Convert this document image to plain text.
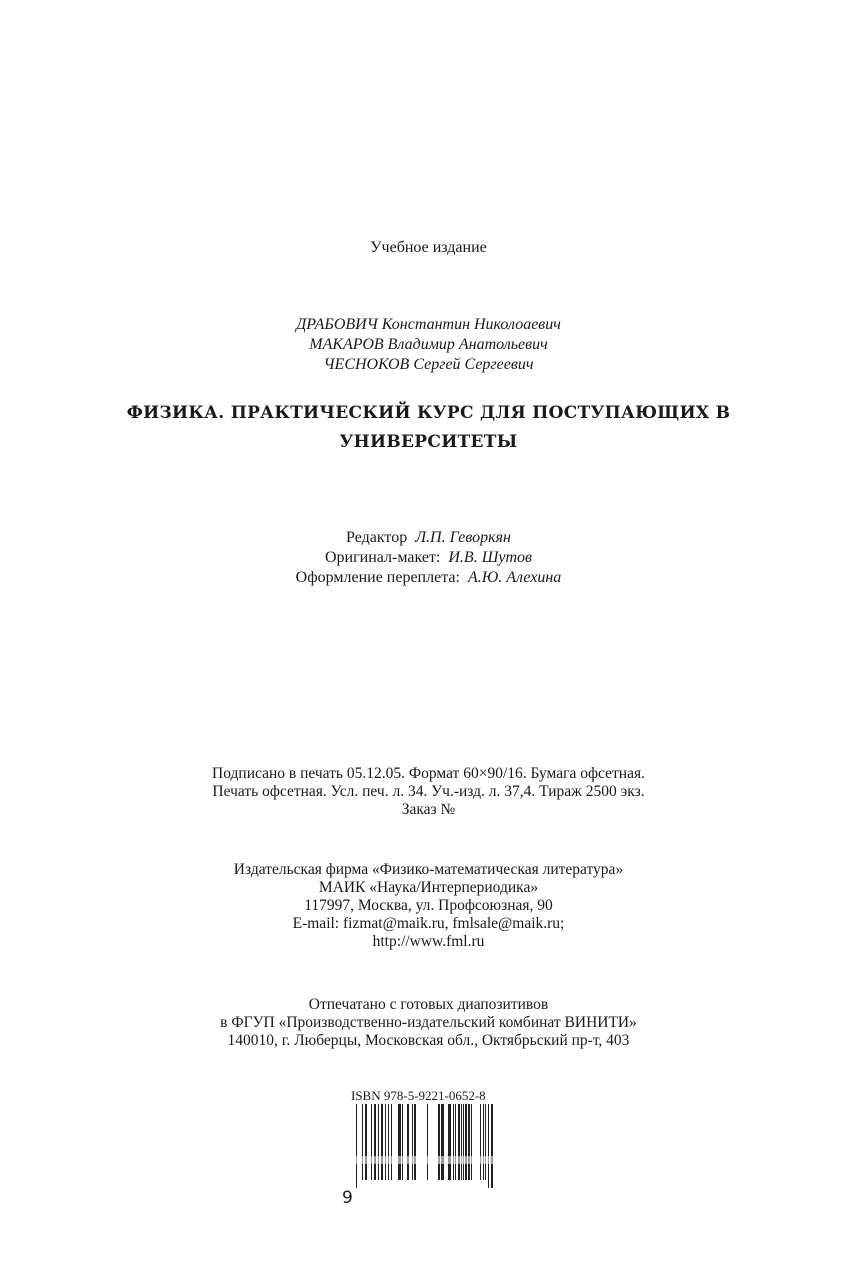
Учебное издание
ДРАБОВИЧ Константин Николоаевич
МАКАРОВ Владимир Анатольевич
ЧЕСНОКОВ Сергей Сергеевич
ФИЗИКА. ПРАКТИЧЕСКИЙ КУРС ДЛЯ ПОСТУПАЮЩИХ В
УНИВЕРСИТЕТЫ
Редактор Л.П. Геворкян
Оригинал-макет: И.В. Шутов
Оформление переплета: А.Ю. Алехина
Подписано в печать 05.12.05. Формат 60×90/16. Бумага офсетная.
Печать офсетная. Усл. печ. л. 34. Уч.-изд. л. 37,4. Тираж 2500 экз.
Заказ №
Издательская фирма «Физико-математическая литература»
МАИК «Наука/Интерпериодика»
117997, Москва, ул. Профсоюзная, 90
E-mail: fizmat@maik.ru, fmlsale@maik.ru;
http://www.fml.ru
Отпечатано с готовых диапозитивов
в ФГУП «Производственно-издательский комбинат ВИНИТИ»
140010, г. Люберцы, Московская обл., Октябрьский пр-т, 403
ISBN 978-5-9221-0652-8
9
